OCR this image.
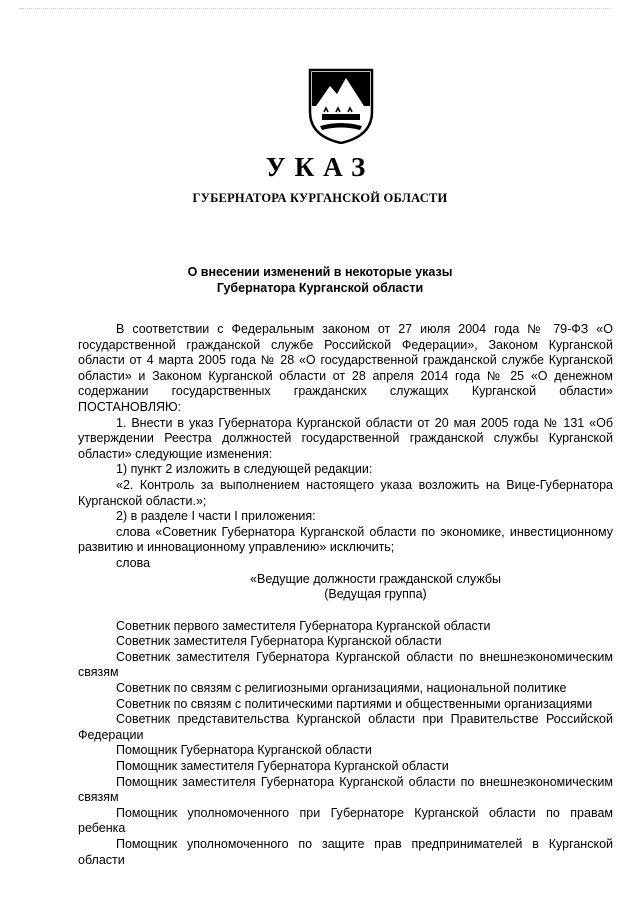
УКАЗ
ГУБЕРНАТОРА КУРГАНСКОЙ ОБЛАСТИ
О внесении изменений в некоторые указы
Губернатора Курганской области

В соответствии с Федеральным законом от 27 июля 2004 года № 79-ФЗ «О государственной гражданской службе Российской Федерации», Законом Курганской области от 4 марта 2005 года № 28 «О государственной гражданской службе Курганской области» и Законом Курганской области от 28 апреля 2014 года № 25 «О денежном содержании государственных гражданских служащих Курганской области» ПОСТАНОВЛЯЮ:

1. Внести в указ Губернатора Курганской области от 20 мая 2005 года № 131 «Об утверждении Реестра должностей государственной гражданской службы Курганской области» следующие изменения:

1) пункт 2 изложить в следующей редакции:

«2. Контроль за выполнением настоящего указа возложить на Вице-Губернатора Курганской области.»;

2) в разделе I части I приложения:

слова «Советник Губернатора Курганской области по экономике, инвестиционному развитию и инновационному управлению» исключить;

слова

«Ведущие должности гражданской службы

(Ведущая группа)

Советник первого заместителя Губернатора Курганской области

Советник заместителя Губернатора Курганской области

Советник заместителя Губернатора Курганской области по внешнеэкономическим связям

Советник по связям с религиозными организациями, национальной политике

Советник по связям с политическими партиями и общественными организациями

Советник представительства Курганской области при Правительстве Российской Федерации

Помощник Губернатора Курганской области

Помощник заместителя Губернатора Курганской области

Помощник заместителя Губернатора Курганской области по внешнеэкономическим связям

Помощник уполномоченного при Губернаторе Курганской области по правам ребенка

Помощник уполномоченного по защите прав предпринимателей в Курганской области
